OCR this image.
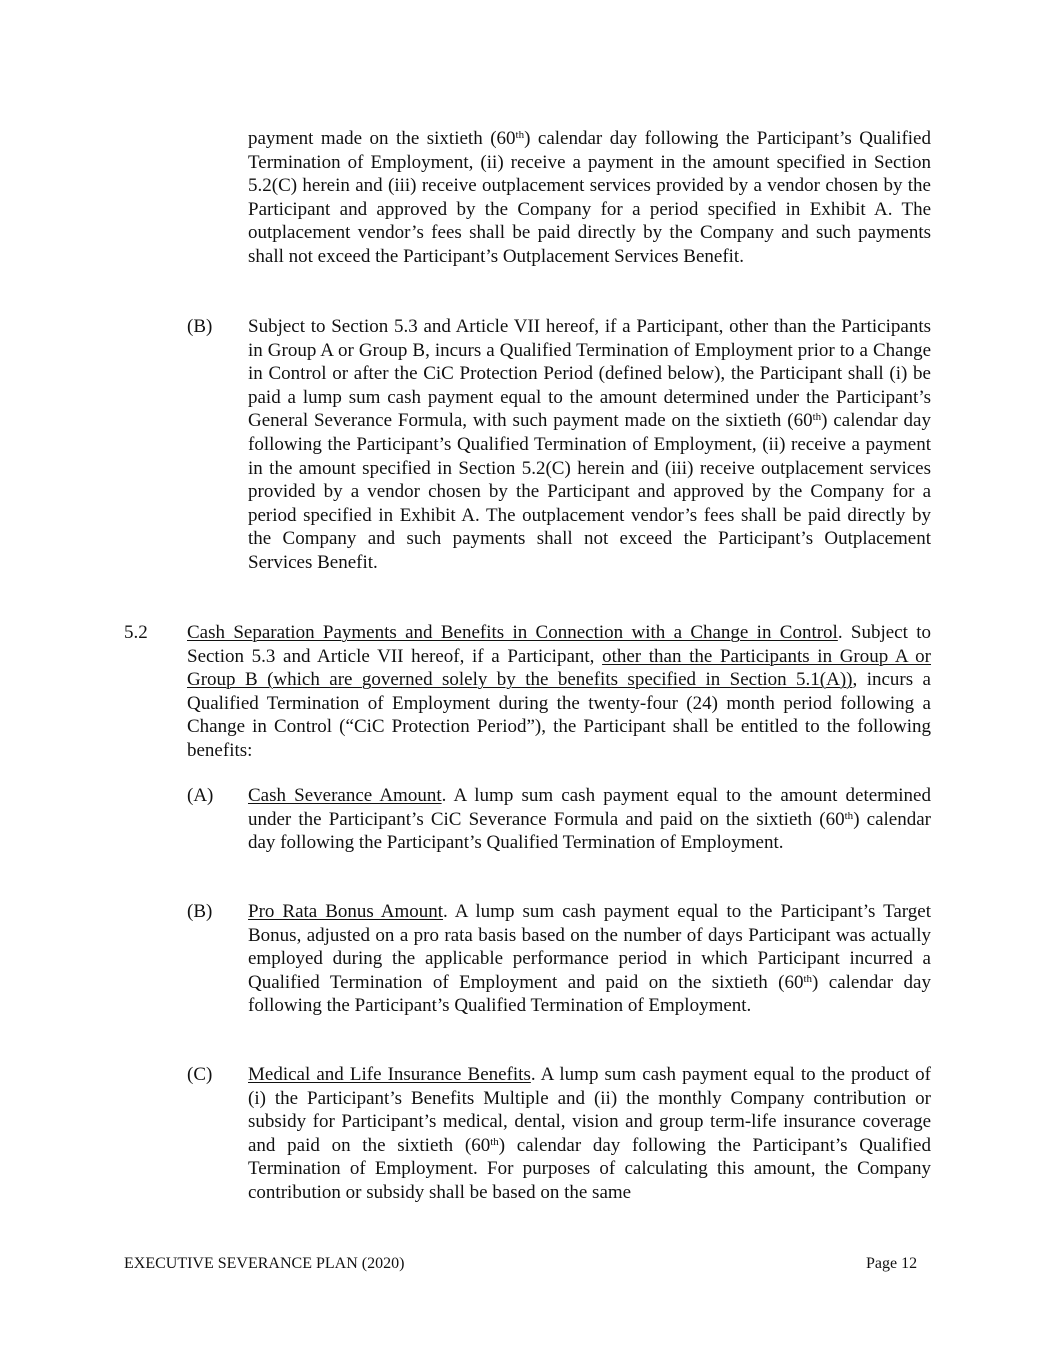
payment made on the sixtieth (60th) calendar day following the Participant’s Qualified Termination of Employment, (ii) receive a payment in the amount specified in Section 5.2(C) herein and (iii) receive outplacement services provided by a vendor chosen by the Participant and approved by the Company for a period specified in Exhibit A. The outplacement vendor’s fees shall be paid directly by the Company and such payments shall not exceed the Participant’s Outplacement Services Benefit.

(B) Subject to Section 5.3 and Article VII hereof, if a Participant, other than the Participants in Group A or Group B, incurs a Qualified Termination of Employment prior to a Change in Control or after the CiC Protection Period (defined below), the Participant shall (i) be paid a lump sum cash payment equal to the amount determined under the Participant’s General Severance Formula, with such payment made on the sixtieth (60th) calendar day following the Participant’s Qualified Termination of Employment, (ii) receive a payment in the amount specified in Section 5.2(C) herein and (iii) receive outplacement services provided by a vendor chosen by the Participant and approved by the Company for a period specified in Exhibit A. The outplacement vendor’s fees shall be paid directly by the Company and such payments shall not exceed the Participant’s Outplacement Services Benefit.

5.2 Cash Separation Payments and Benefits in Connection with a Change in Control. Subject to Section 5.3 and Article VII hereof, if a Participant, other than the Participants in Group A or Group B (which are governed solely by the benefits specified in Section 5.1(A)), incurs a Qualified Termination of Employment during the twenty-four (24) month period following a Change in Control (“CiC Protection Period”), the Participant shall be entitled to the following benefits:

(A) Cash Severance Amount. A lump sum cash payment equal to the amount determined under the Participant’s CiC Severance Formula and paid on the sixtieth (60th) calendar day following the Participant’s Qualified Termination of Employment.

(B) Pro Rata Bonus Amount. A lump sum cash payment equal to the Participant’s Target Bonus, adjusted on a pro rata basis based on the number of days Participant was actually employed during the applicable performance period in which Participant incurred a Qualified Termination of Employment and paid on the sixtieth (60th) calendar day following the Participant’s Qualified Termination of Employment.

(C) Medical and Life Insurance Benefits. A lump sum cash payment equal to the product of (i) the Participant’s Benefits Multiple and (ii) the monthly Company contribution or subsidy for Participant’s medical, dental, vision and group term-life insurance coverage and paid on the sixtieth (60th) calendar day following the Participant’s Qualified Termination of Employment. For purposes of calculating this amount, the Company contribution or subsidy shall be based on the same

EXECUTIVE SEVERANCE PLAN (2020)	Page 12
